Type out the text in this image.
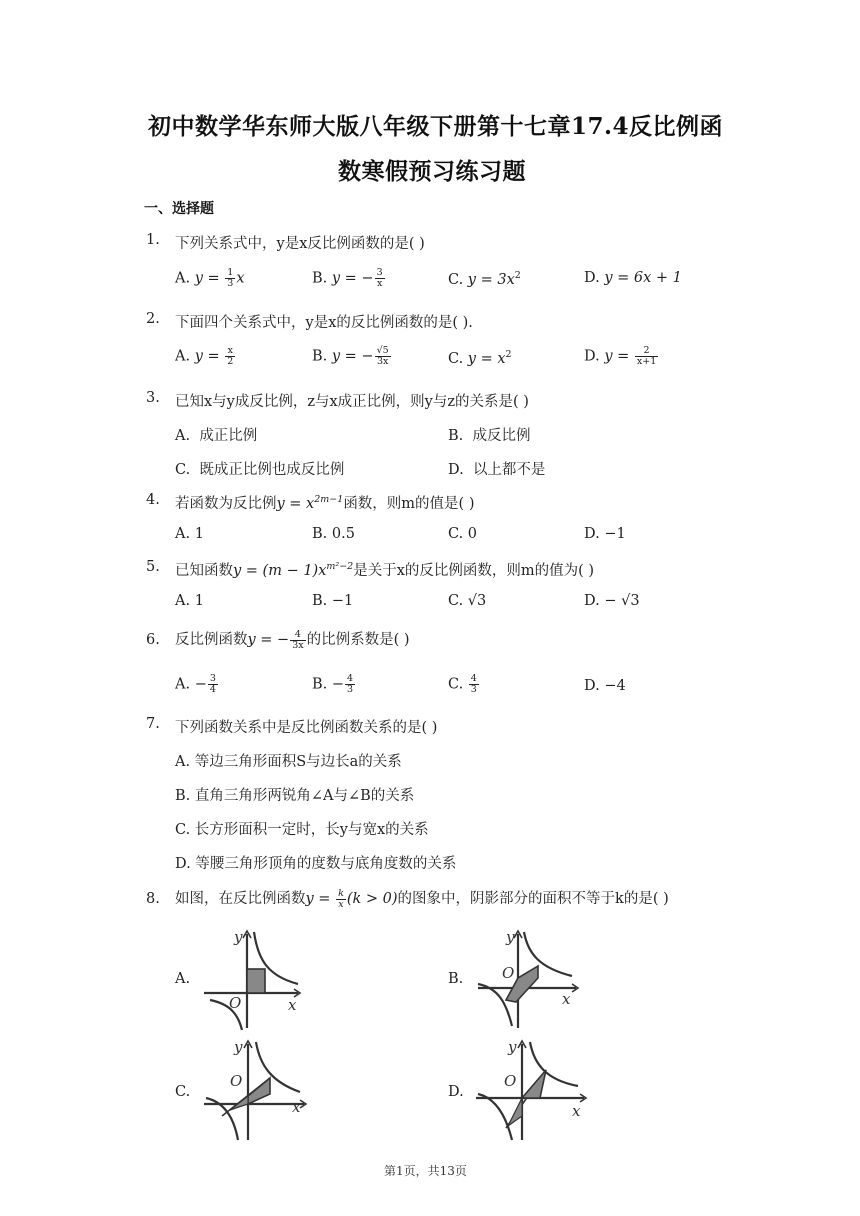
初中数学华东师大版八年级下册第十七章17.4反比例函
数寒假预习练习题
一、选择题
1. 下列关系式中，y是x反比例函数的是( )
A. $y = \frac{1}{3}$ x	B. y = − $\frac{3}{x}$	C. $y = 3x^2$	D. y = 6x + 1
2. 下面四个关系式中，y是x的反比例函数的是( ).
A. $y = \frac{x}{2}$	B. y = − $\frac{√5}{3x}$	C. $y = x^2$	D. $y = \frac{2}{x+1}$
3. 已知x与y成反比例，z与x成正比例，则y与z的关系是( )
A. 成正比例	B. 成反比例
C. 既成正比例也成反比例	D. 以上都不是
4. 若函数为反比例$y = x^{2m-1}$函数，则m的值是( )
A. 1	B. 0.5	C. 0	D. −1
5. 已知函数$y = (m - 1)x^{m^2-2}$是关于x的反比例函数，则m的值为( )
A. 1	B. −1	C. √3	D. − √3
6. 反比例函数y = − $\frac{4}{3x}$ 的比例系数是( )
A. − $\frac{3}{4}$	B. − $\frac{4}{3}$	C. $\frac{4}{3}$	D. −4
7. 下列函数关系中是反比例函数关系的是( )
A. 等边三角形面积S与边长a的关系
B. 直角三角形两锐角∠A与∠B的关系
C. 长方形面积一定时，长y与宽x的关系
D. 等腰三角形顶角的度数与底角度数的关系
8. 如图，在反比例函数$y = \frac{k}{x} (k > 0)$的图象中，阴影部分的面积不等于k的是( )
A.	B.
C.	D.
y
x
O
y
x
O
y
x
O
y
x
O
第1页，共13页
